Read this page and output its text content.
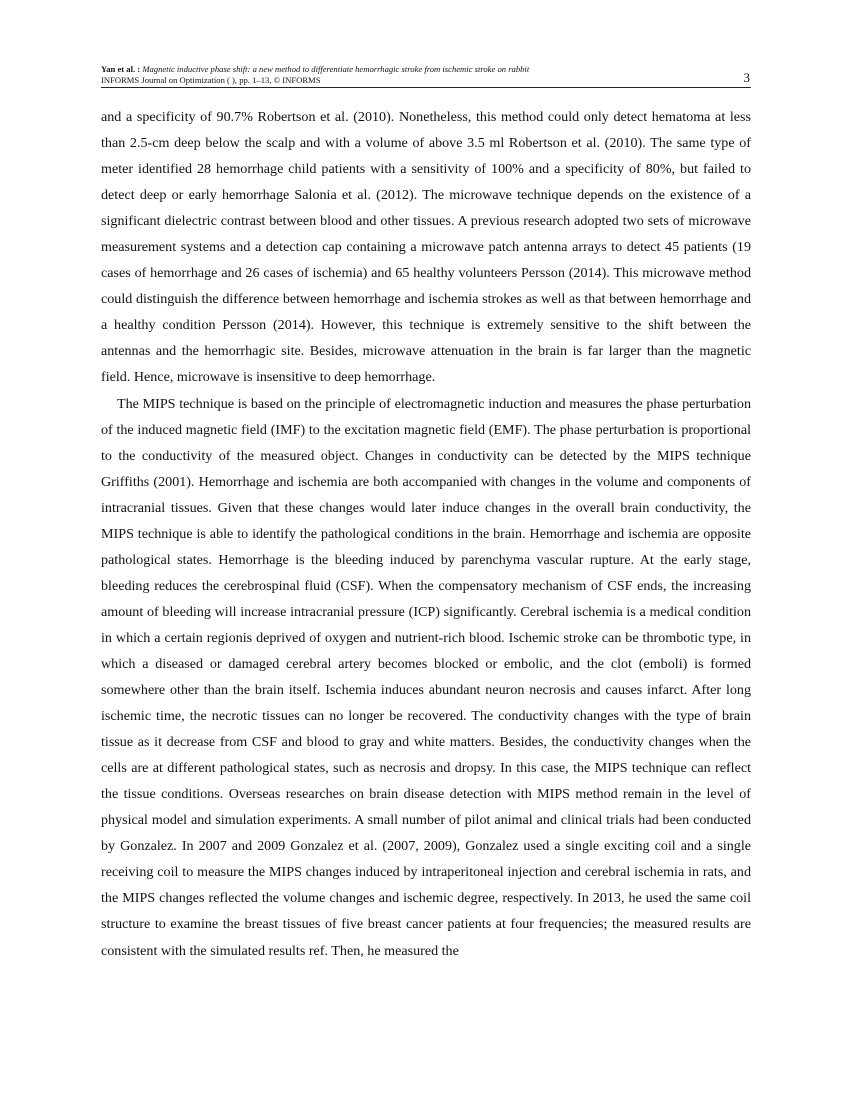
Yan et al. : Magnetic inductive phase shift: a new method to differentiate hemorrhagic stroke from ischemic stroke on rabbit
INFORMS Journal on Optimization ( ), pp. 1–13, © INFORMS	3

and a specificity of 90.7% Robertson et al. (2010). Nonetheless, this method could only detect hematoma at less than 2.5-cm deep below the scalp and with a volume of above 3.5 ml Robertson et al. (2010). The same type of meter identified 28 hemorrhage child patients with a sensitivity of 100% and a specificity of 80%, but failed to detect deep or early hemorrhage Salonia et al. (2012). The microwave technique depends on the existence of a significant dielectric contrast between blood and other tissues. A previous research adopted two sets of microwave measurement systems and a detection cap containing a microwave patch antenna arrays to detect 45 patients (19 cases of hemorrhage and 26 cases of ischemia) and 65 healthy volunteers Persson (2014). This microwave method could distinguish the difference between hemorrhage and ischemia strokes as well as that between hemorrhage and a healthy condition Persson (2014). However, this technique is extremely sensitive to the shift between the antennas and the hemorrhagic site. Besides, microwave attenuation in the brain is far larger than the magnetic field. Hence, microwave is insensitive to deep hemorrhage.

The MIPS technique is based on the principle of electromagnetic induction and measures the phase perturbation of the induced magnetic field (IMF) to the excitation magnetic field (EMF). The phase perturbation is proportional to the conductivity of the measured object. Changes in conductivity can be detected by the MIPS technique Griffiths (2001). Hemorrhage and ischemia are both accompanied with changes in the volume and components of intracranial tissues. Given that these changes would later induce changes in the overall brain conductivity, the MIPS technique is able to identify the pathological conditions in the brain. Hemorrhage and ischemia are opposite pathological states. Hemorrhage is the bleeding induced by parenchyma vascular rupture. At the early stage, bleeding reduces the cerebrospinal fluid (CSF). When the compensatory mechanism of CSF ends, the increasing amount of bleeding will increase intracranial pressure (ICP) significantly. Cerebral ischemia is a medical condition in which a certain regionis deprived of oxygen and nutrient-rich blood. Ischemic stroke can be thrombotic type, in which a diseased or damaged cerebral artery becomes blocked or embolic, and the clot (emboli) is formed somewhere other than the brain itself. Ischemia induces abundant neuron necrosis and causes infarct. After long ischemic time, the necrotic tissues can no longer be recovered. The conductivity changes with the type of brain tissue as it decrease from CSF and blood to gray and white matters. Besides, the conductivity changes when the cells are at different pathological states, such as necrosis and dropsy. In this case, the MIPS technique can reflect the tissue conditions. Overseas researches on brain disease detection with MIPS method remain in the level of physical model and simulation experiments. A small number of pilot animal and clinical trials had been conducted by Gonzalez. In 2007 and 2009 Gonzalez et al. (2007, 2009), Gonzalez used a single exciting coil and a single receiving coil to measure the MIPS changes induced by intraperitoneal injection and cerebral ischemia in rats, and the MIPS changes reflected the volume changes and ischemic degree, respectively. In 2013, he used the same coil structure to examine the breast tissues of five breast cancer patients at four frequencies; the measured results are consistent with the simulated results ref. Then, he measured the
